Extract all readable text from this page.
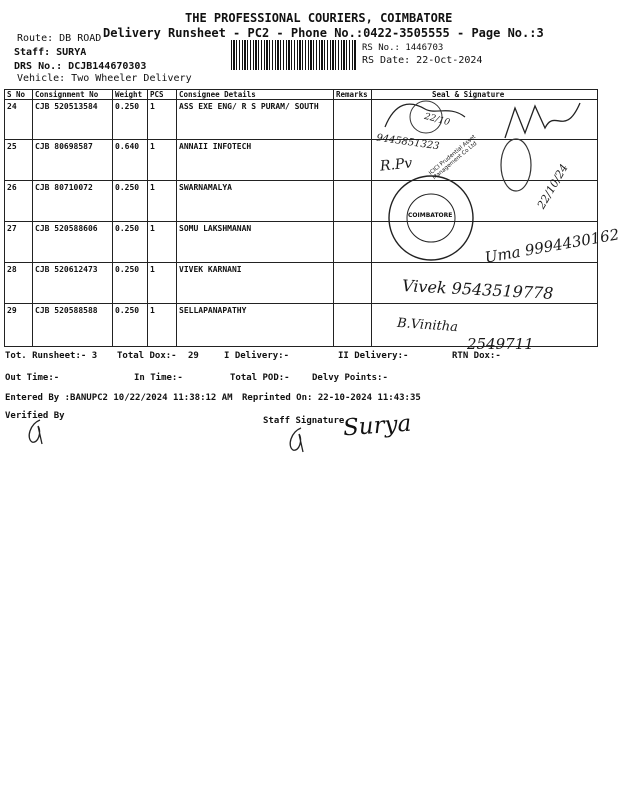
THE PROFESSIONAL COURIERS, COIMBATORE
Delivery Runsheet - PC2 - Phone No.:0422-3505555 - Page No.:3
Route: DB ROAD
Staff: SURYA
DRS No.: DCJB144670303
Vehicle: Two Wheeler Delivery
RS No.: 1446703
RS Date: 22-Oct-2024
S No	Consignment No	Weight	PCS	Consignee Details	Remarks	Seal & Signature
24	CJB 520513584	0.250	1	ASS EXE ENG/ R S PURAM/ SOUTH		
25	CJB 80698587	0.640	1	ANNAII INFOTECH		
26	CJB 80710072	0.250	1	SWARNAMALYA		
27	CJB 520588606	0.250	1	SOMU LAKSHMANAN		
28	CJB 520612473	0.250	1	VIVEK KARNANI		
29	CJB 520588588	0.250	1	SELLAPANAPATHY		
9445851323
22/10
R.Pv	22/10/24
COIMBATORE
ICICI Prudential Asset Management Co Ltd
Uma 9994430162
Vivek 9543519778
B.Vinitha
2549711
Tot. Runsheet:- 3 Total Dox:- 29	I Delivery:-	II Delivery:-	RTN Dox:-
Out Time:-	In Time:-	Total POD:- Delvy Points:-
Entered By :BANUPC2 10/22/2024 11:38:12 AM Reprinted On: 22-10-2024 11:43:35
Verified By	Staff Signature
Surya
